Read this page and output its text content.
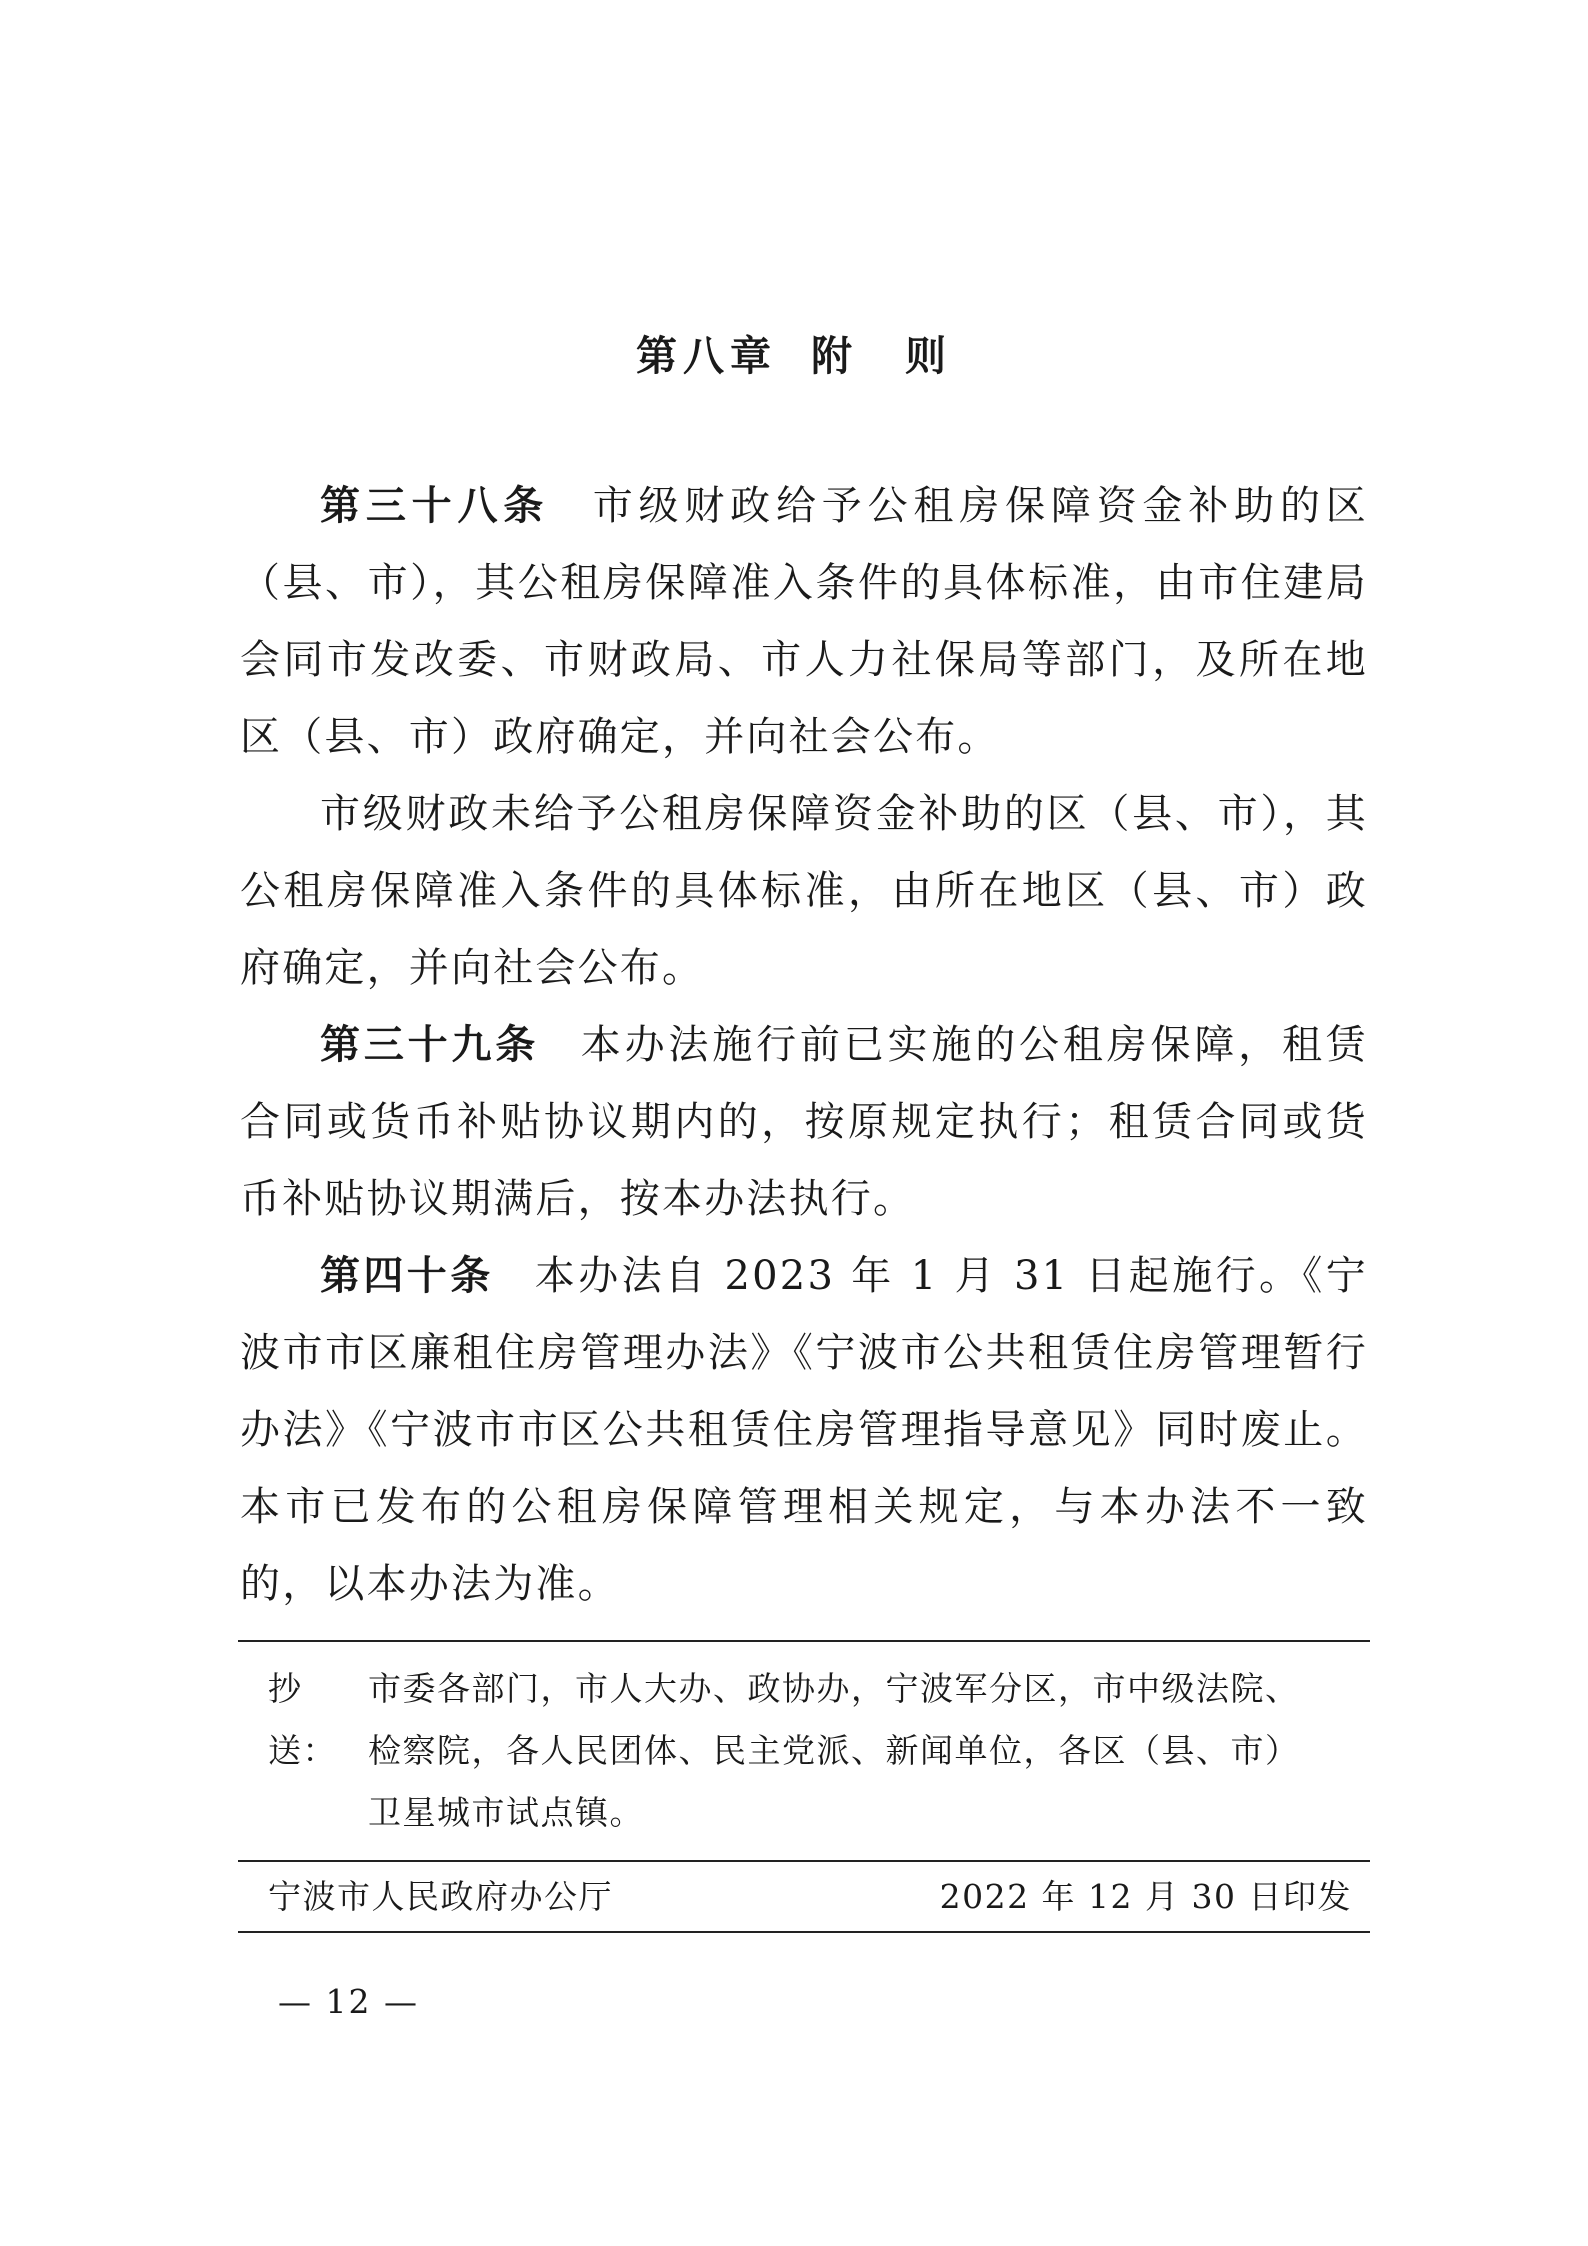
第八章 附　则

第三十八条 市级财政给予公租房保障资金补助的区（县、市），其公租房保障准入条件的具体标准，由市住建局会同市发改委、市财政局、市人力社保局等部门，及所在地区（县、市）政府确定，并向社会公布。

市级财政未给予公租房保障资金补助的区（县、市），其公租房保障准入条件的具体标准，由所在地区（县、市）政府确定，并向社会公布。

第三十九条 本办法施行前已实施的公租房保障，租赁合同或货币补贴协议期内的，按原规定执行；租赁合同或货币补贴协议期满后，按本办法执行。

第四十条 本办法自 2023 年 1 月 31 日起施行。《宁波市市区廉租住房管理办法》《宁波市公共租赁住房管理暂行办法》《宁波市市区公共租赁住房管理指导意见》同时废止。本市已发布的公租房保障管理相关规定，与本办法不一致的，以本办法为准。

抄送：
市委各部门，市人大办、政协办，宁波军分区，市中级法院、
检察院，各人民团体、民主党派、新闻单位，各区（县、市）
卫星城市试点镇。
宁波市人民政府办公厅	2022 年 12 月 30 日印发
— 12 —
